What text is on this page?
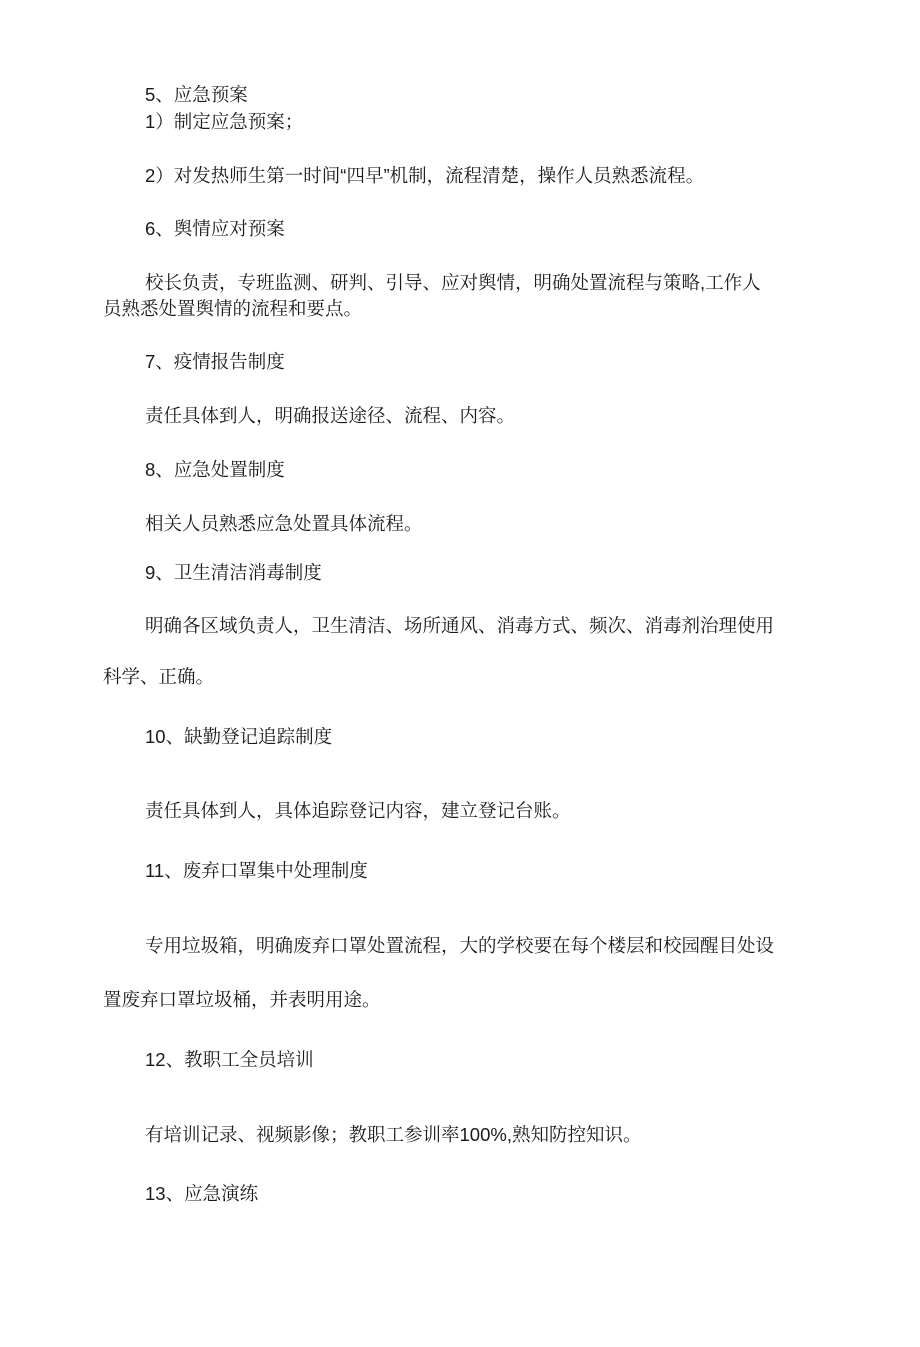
5、应急预案
1）制定应急预案；
2）对发热师生第一时间“四早”机制，流程清楚，操作人员熟悉流程。
6、舆情应对预案
校长负责，专班监测、研判、引导、应对舆情，明确处置流程与策略,工作人
员熟悉处置舆情的流程和要点。
7、疫情报告制度
责任具体到人，明确报送途径、流程、内容。
8、应急处置制度
相关人员熟悉应急处置具体流程。
9、卫生清洁消毒制度
明确各区域负责人，卫生清洁、场所通风、消毒方式、频次、消毒剂治理使用
科学、正确。
10、缺勤登记追踪制度
责任具体到人，具体追踪登记内容，建立登记台账。
11、废弃口罩集中处理制度
专用垃圾箱，明确废弃口罩处置流程，大的学校要在每个楼层和校园醒目处设
置废弃口罩垃圾桶，并表明用途。
12、教职工全员培训
有培训记录、视频影像；教职工参训率100%,熟知防控知识。
13、应急演练
